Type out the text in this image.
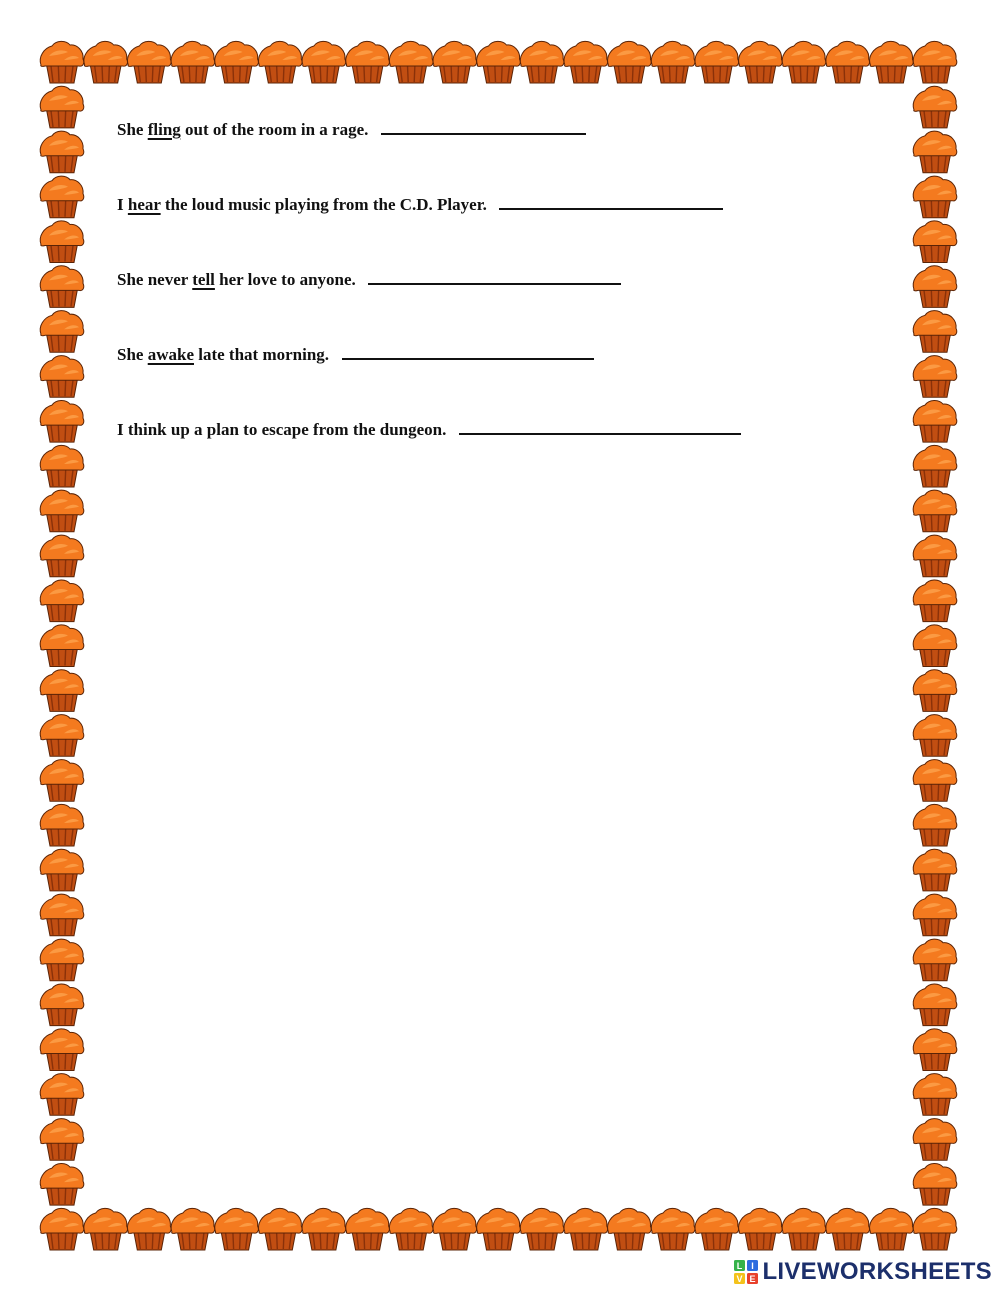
She fling out of the room in a rage.
I hear the loud music playing from the C.D. Player.
She never tell her love to anyone.
She awake late that morning.
I think up a plan to escape from the dungeon.
L I
V E LIVEWORKSHEETS
